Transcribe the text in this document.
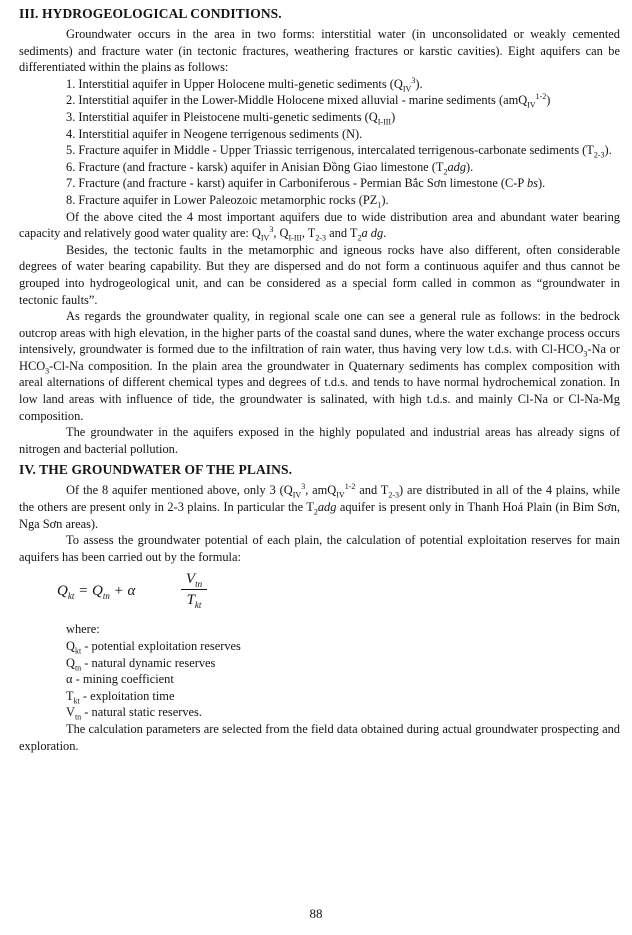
III. HYDROGEOLOGICAL CONDITIONS.

Groundwater occurs in the area in two forms: interstitial water (in unconsolidated or weakly cemented sediments) and fracture water (in tectonic fractures, weathering fractures or karstic cavities). Eight aquifers can be differentiated within the plains as follows:

1. Interstitial aquifer in Upper Holocene multi-genetic sediments $(Q_{IV}^3)$.

2. Interstitial aquifer in the Lower-Middle Holocene mixed alluvial - marine sediments (amQ$_{IV}^{1-2}$)

3. Interstitial aquifer in Pleistocene multi-genetic sediments $(Q_{I-III})$

4. Interstitial aquifer in Neogene terrigenous sediments (N).

5. Fracture aquifer in Middle - Upper Triassic terrigenous, intercalated terrigenous-carbonate sediments $(T_{2-3})$.

6. Fracture (and fracture - karsk) aquifer in Anisian Đồng Giao limestone $(T_2adg)$.

7. Fracture (and fracture - karst) aquifer in Carboniferous - Permian Bắc Sơn limestone (C-P bs).

8. Fracture aquifer in Lower Paleozoic metamorphic rocks $(PZ_1)$.

Of the above cited the 4 most important aquifers due to wide distribution area and abundant water bearing capacity and relatively good water quality are: $Q_{IV}^3$, $Q_{I-III}$, $T_{2-3}$ and $T_2a$ dg.

Besides, the tectonic faults in the metamorphic and igneous rocks have also different, often considerable degrees of water bearing capability. But they are dispersed and do not form a continuous aquifer and thus cannot be grouped into hydrogeological unit, and can be considered as a special form called in common as “groundwater in tectonic faults”.

As regards the groundwater quality, in regional scale one can see a general rule as follows: in the bedrock outcrop areas with high elevation, in the higher parts of the coastal sand dunes, where the water exchange process occurs intensively, groundwater is formed due to the infiltration of rain water, thus having very low t.d.s. with $Cl-HCO_3-Na$ or $HCO_3-Cl-Na$ composition. In the plain area the groundwater in Quaternary sediments has complex composition with areal alternations of different chemical types and degrees of t.d.s. and tends to have normal hydrochemical zonation. In low land areas with influence of tide, the groundwater is salinated, with high t.d.s. and mainly Cl-Na or Cl-Na-Mg composition.

The groundwater in the aquifers exposed in the highly populated and industrial areas has already signs of nitrogen and bacterial pollution.

IV. THE GROUNDWATER OF THE PLAINS.

Of the 8 aquifer mentioned above, only 3 ($Q_{IV}^3$, amQ$_{IV}^{1-2}$ and $T_{2-3}$) are distributed in all of the 4 plains, while the others are present only in 2-3 plains. In particular the $T_2adg$ aquifer is present only in Thanh Hoá Plain (in Bỉm Sơn, Nga Sơn areas).

To assess the groundwater potential of each plain, the calculation of potential exploitation reserves for main aquifers has been carried out by the formula:

$Q_{kt} = Q_{tn} + \alpha$
$V_{tn}$
$T_{kt}$

where:

$Q_{kt}$ - potential exploitation reserves

$Q_{tn}$ - natural dynamic reserves

α - mining coefficient

$T_{kt}$ - exploitation time

$V_{tn}$ - natural static reserves.

The calculation parameters are selected from the field data obtained during actual groundwater prospecting and exploration.

88
